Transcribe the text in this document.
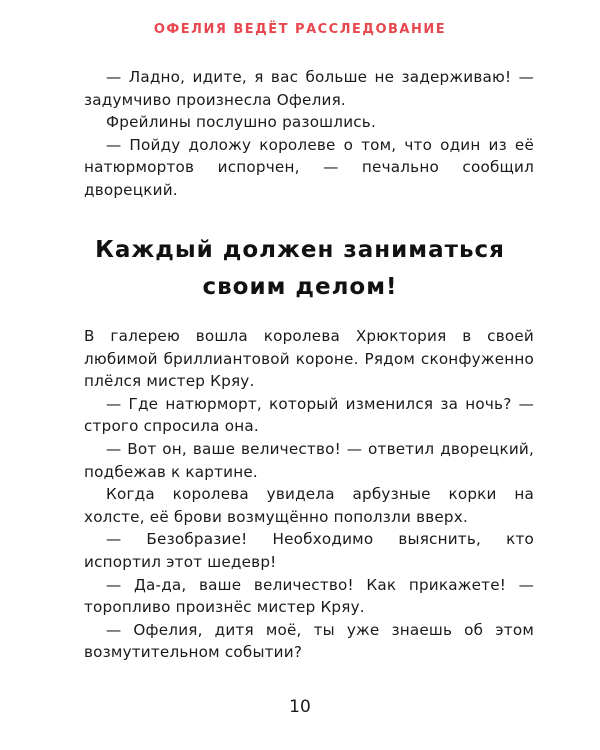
ОФЕЛИЯ ВЕДЁТ РАССЛЕДОВАНИЕ

— Ладно, идите, я вас больше не задерживаю! — задумчиво произнесла Офелия.

Фрейлины послушно разошлись.

— Пойду доложу королеве о том, что один из её натюрмортов испорчен, — печально сообщил дворецкий.

Каждый должен заниматься
своим делом!

В галерею вошла королева Хрюктория в своей любимой бриллиантовой короне. Рядом сконфуженно плёлся мистер Кряу.

— Где натюрморт, который изменился за ночь? — строго спросила она.

— Вот он, ваше величество! — ответил дворецкий, подбежав к картине.

Когда королева увидела арбузные корки на холсте, её брови возмущённо поползли вверх.

— Безобразие! Необходимо выяснить, кто испортил этот шедевр!

— Да-да, ваше величество! Как прикажете! — торопливо произнёс мистер Кряу.

— Офелия, дитя моё, ты уже знаешь об этом возмутительном событии?

10
